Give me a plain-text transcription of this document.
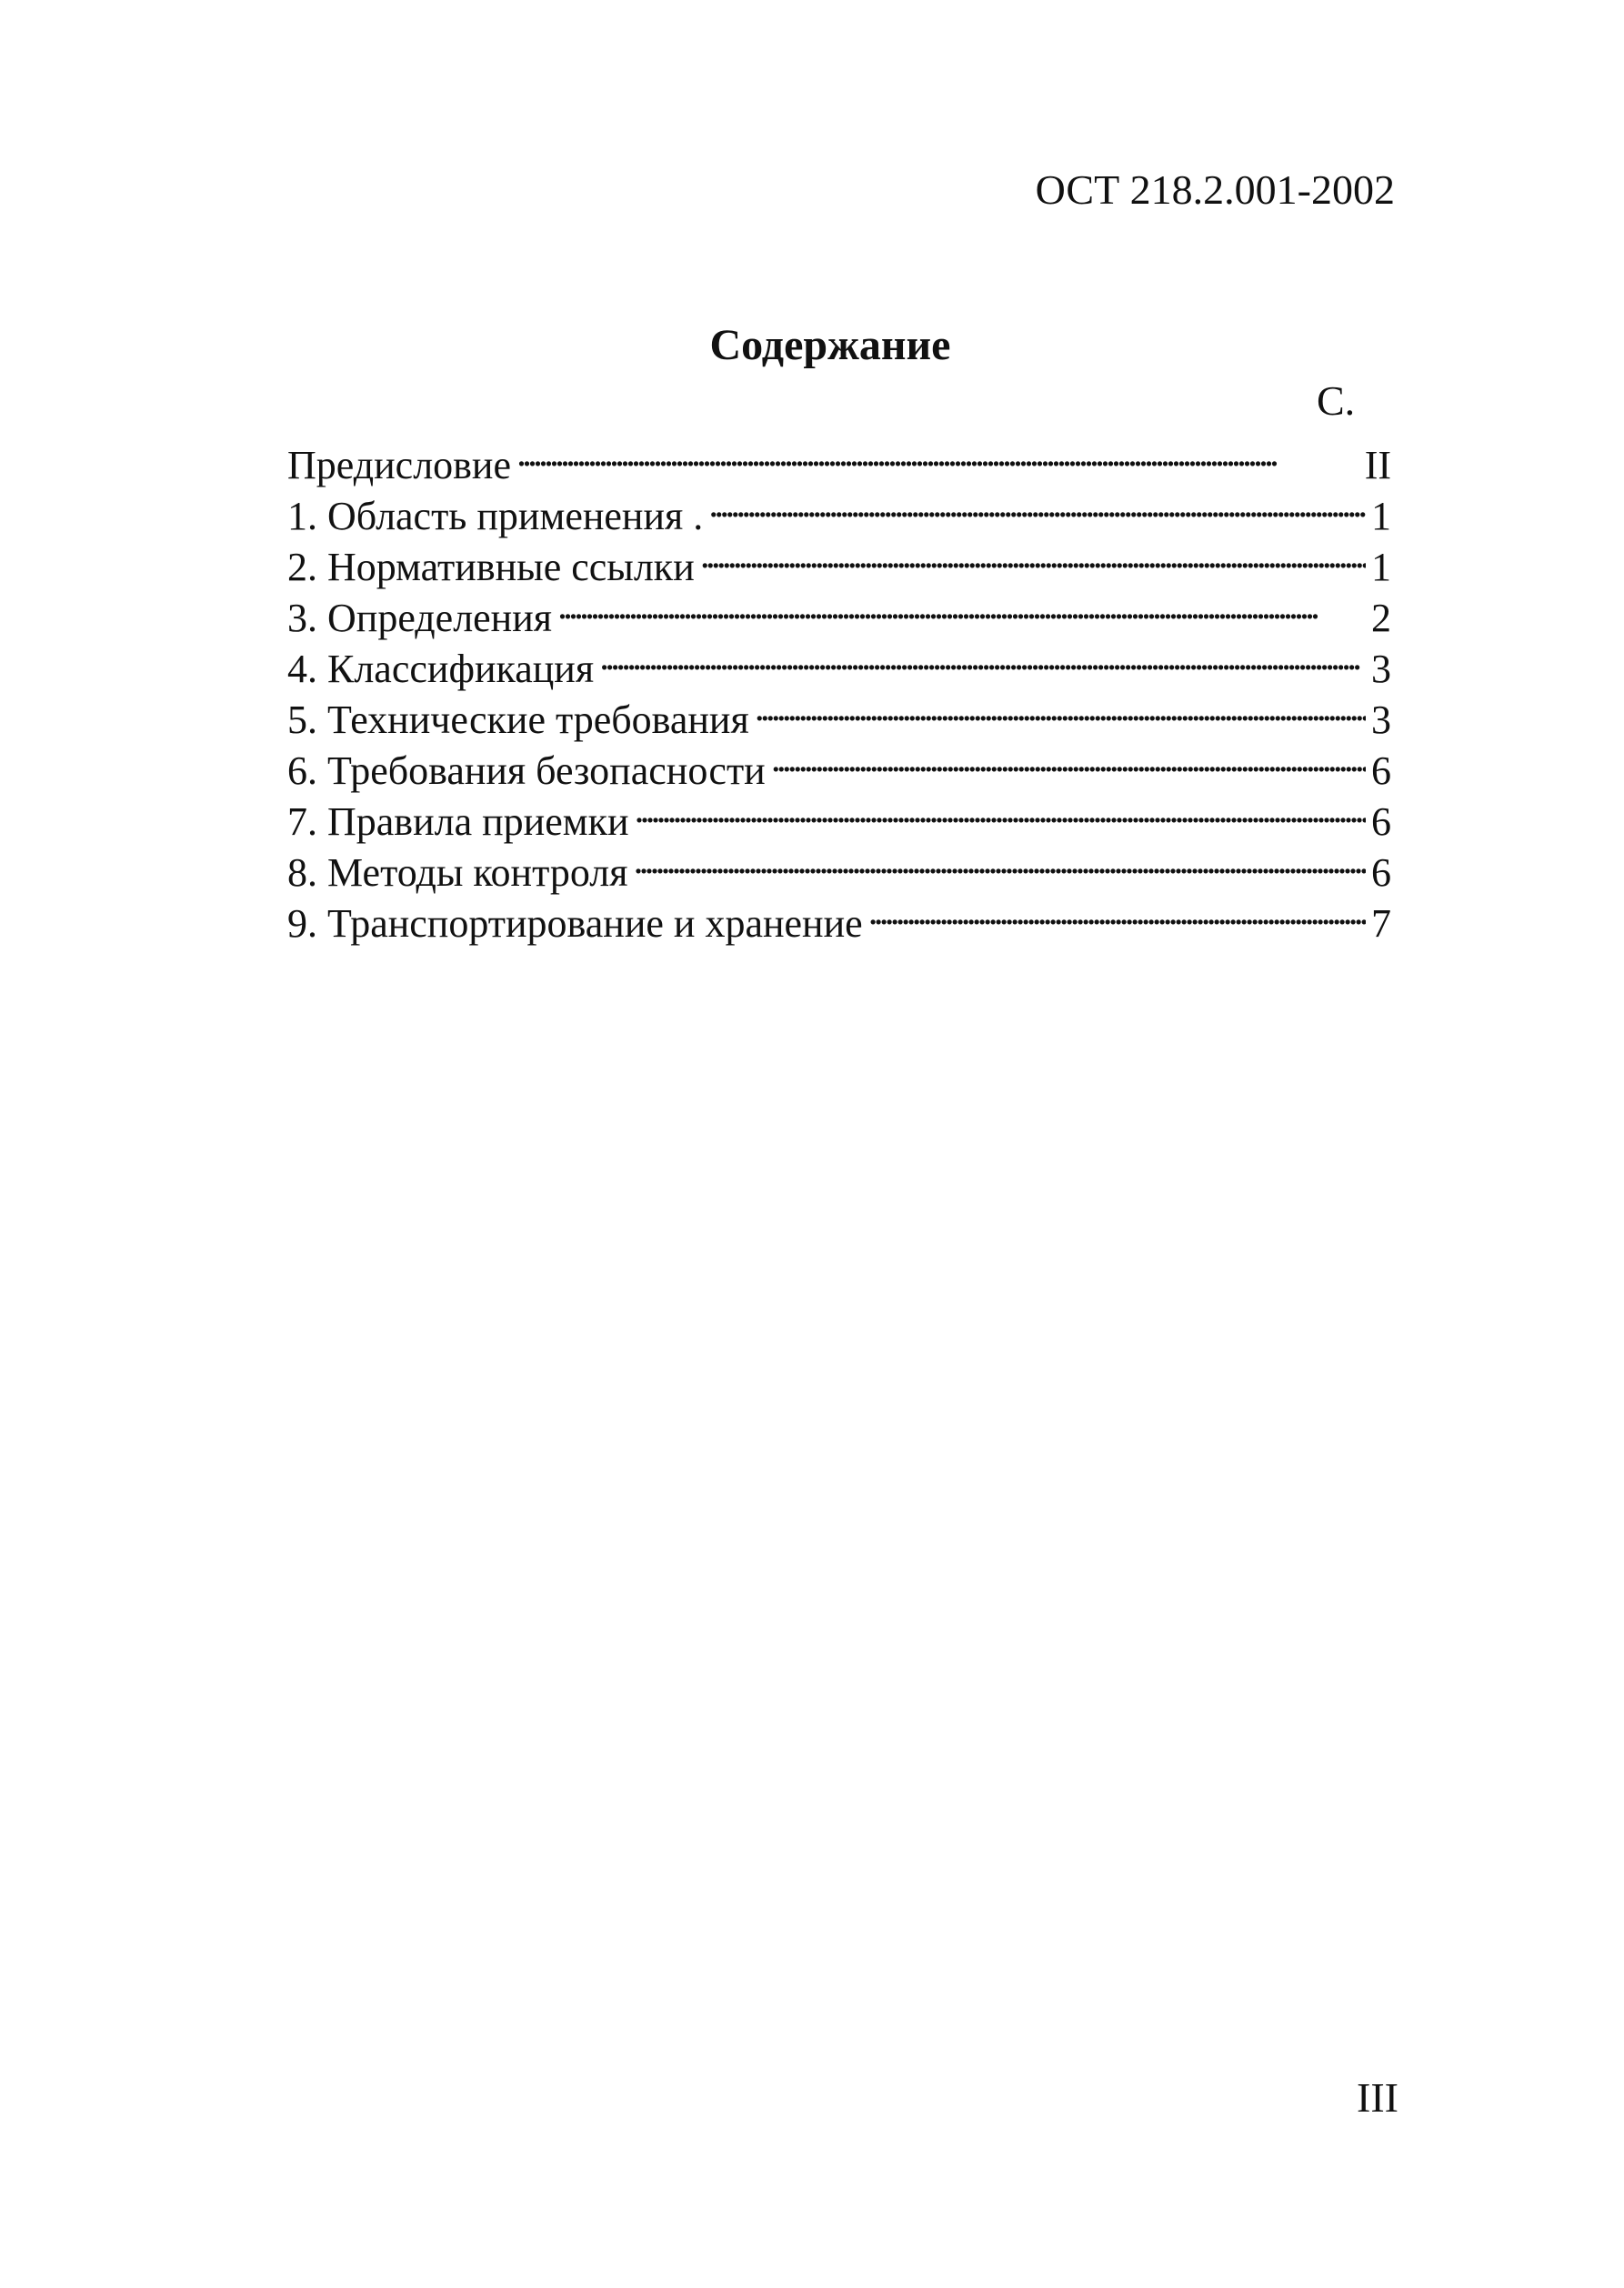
ОСТ 218.2.001-2002
Содержание
С.
Предисловие . . .	II
1. Область применения . . . .	1
2. Нормативные ссылки . . .	1
3. Определения . . .	2
4. Классификация . . .	3
5. Технические требования . . .	3
6. Требования безопасности . . .	6
7. Правила приемки . . .	6
8. Методы контроля . . .	6
9. Транспортирование и хранение . . .	7
III
